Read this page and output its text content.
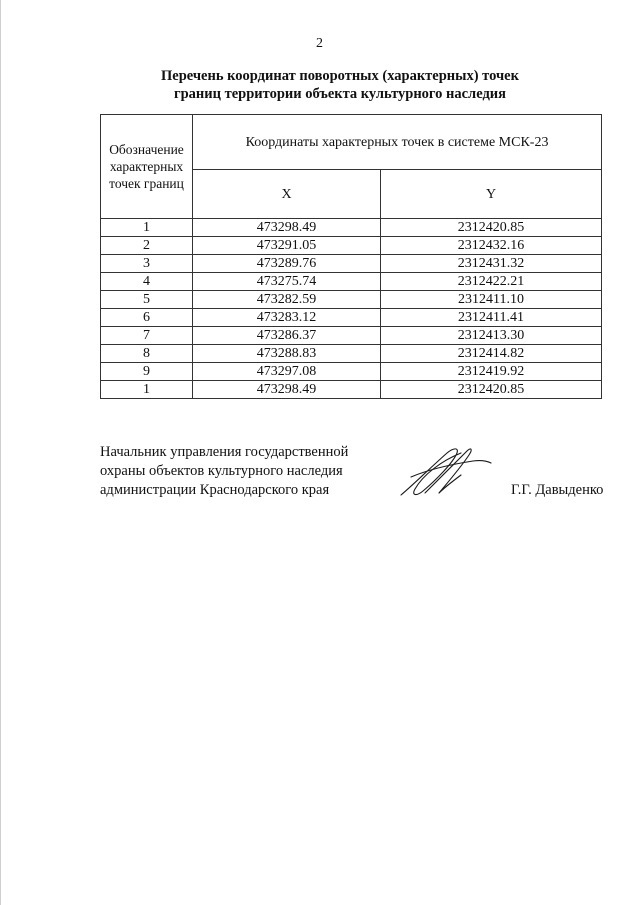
2
Перечень координат поворотных (характерных) точек
границ территории объекта культурного наследия
Обозначение характерных точек границ	Координаты характерных точек в системе МСК-23	
	X	Y
1	473298.49	2312420.85
2	473291.05	2312432.16
3	473289.76	2312431.32
4	473275.74	2312422.21
5	473282.59	2312411.10
6	473283.12	2312411.41
7	473286.37	2312413.30
8	473288.83	2312414.82
9	473297.08	2312419.92
1	473298.49	2312420.85
Начальник управления государственной
охраны объектов культурного наследия
администрации Краснодарского края	Г.Г. Давыденко
